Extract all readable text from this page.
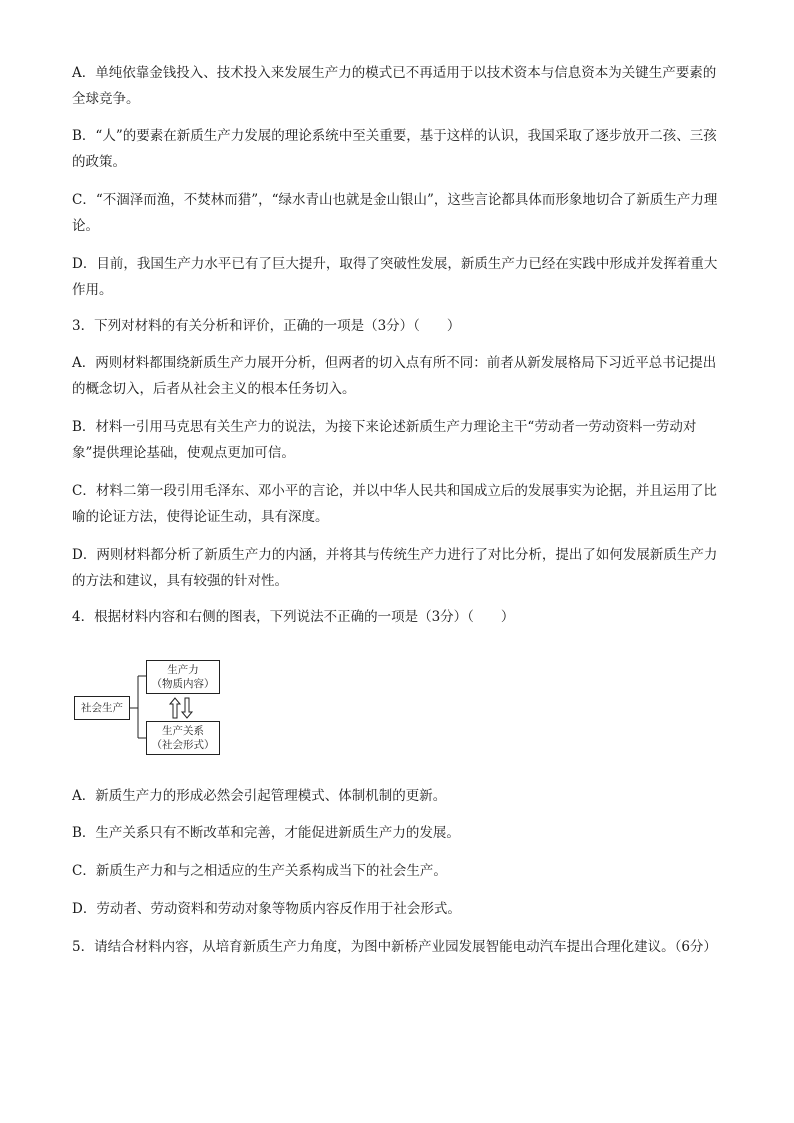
A．单纯依靠金钱投入、技术投入来发展生产力的模式已不再适用于以技术资本与信息资本为关键生产要素的全球竞争。

B．“人”的要素在新质生产力发展的理论系统中至关重要，基于这样的认识，我国采取了逐步放开二孩、三孩的政策。

C．“不涸泽而渔，不焚林而猎”，“绿水青山也就是金山银山”，这些言论都具体而形象地切合了新质生产力理论。

D．目前，我国生产力水平已有了巨大提升，取得了突破性发展，新质生产力已经在实践中形成并发挥着重大作用。

3．下列对材料的有关分析和评价，正确的一项是（3分）（　　）

A．两则材料都围绕新质生产力展开分析，但两者的切入点有所不同：前者从新发展格局下习近平总书记提出的概念切入，后者从社会主义的根本任务切入。

B．材料一引用马克思有关生产力的说法，为接下来论述新质生产力理论主干“劳动者一劳动资料一劳动对象”提供理论基础，使观点更加可信。

C．材料二第一段引用毛泽东、邓小平的言论，并以中华人民共和国成立后的发展事实为论据，并且运用了比喻的论证方法，使得论证生动，具有深度。

D．两则材料都分析了新质生产力的内涵，并将其与传统生产力进行了对比分析，提出了如何发展新质生产力的方法和建议，具有较强的针对性。

4．根据材料内容和右侧的图表，下列说法不正确的一项是（3分）（　　）

社会生产
生产力
（物质内容）
生产关系
（社会形式）

A．新质生产力的形成必然会引起管理模式、体制机制的更新。

B．生产关系只有不断改革和完善，才能促进新质生产力的发展。

C．新质生产力和与之相适应的生产关系构成当下的社会生产。

D．劳动者、劳动资料和劳动对象等物质内容反作用于社会形式。

5．请结合材料内容，从培育新质生产力角度，为图中新桥产业园发展智能电动汽车提出合理化建议。（6分）
